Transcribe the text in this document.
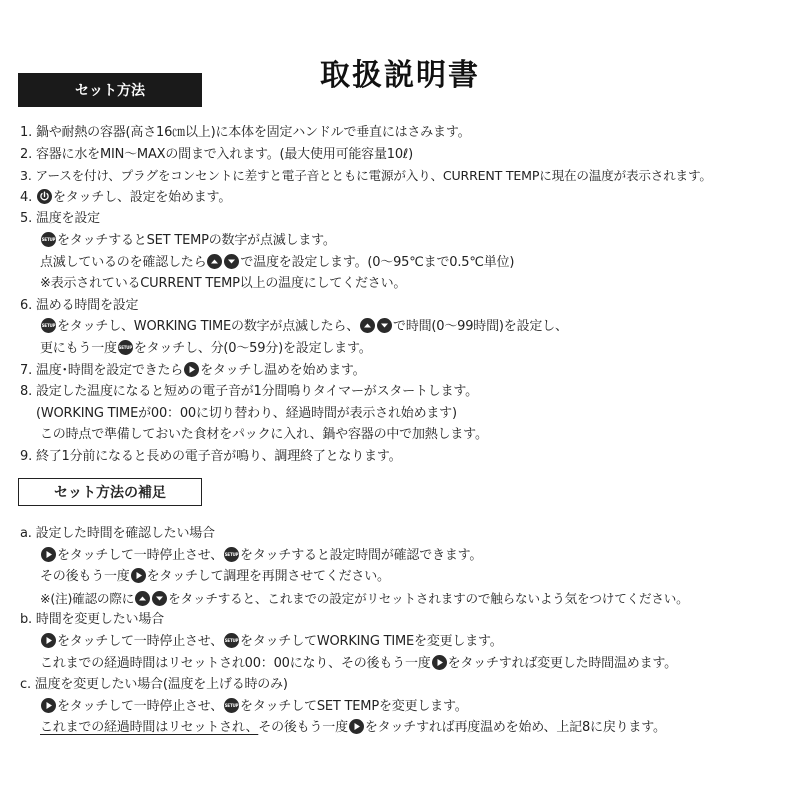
取扱説明書
セット方法
1. 鍋や耐熱の容器(高さ16㎝以上)に本体を固定ハンドルで垂直にはさみます。
2. 容器に水をMIN～MAXの間まで入れます。(最大使用可能容量10ℓ)
3. アースを付け、プラグをコンセントに差すと電子音とともに電源が入り、CURRENT TEMPに現在の温度が表示されます。
4. をタッチし、設定を始めます。
5. 温度を設定
SETUP をタッチするとSET TEMPの数字が点滅します。
点滅しているのを確認したら	で温度を設定します。(0～95℃まで0.5℃単位)
※表示されているCURRENT TEMP以上の温度にしてください。
6. 温める時間を設定
SETUP をタッチし、WORKING TIMEの数字が点滅したら、	で時間(0～99時間)を設定し、
更にもう一度 SETUP をタッチし、分(0～59分)を設定します。
7. 温度･時間を設定できたら をタッチし温めを始めます。
8. 設定した温度になると短めの電子音が1分間鳴りタイマーがスタートします。
(WORKING TIMEが00：00に切り替わり、経過時間が表示され始めます)
この時点で準備しておいた食材をパックに入れ、鍋や容器の中で加熱します。
9. 終了1分前になると長めの電子音が鳴り、調理終了となります。
セット方法の補足
a. 設定した時間を確認したい場合
をタッチして一時停止させ、 SETUP をタッチすると設定時間が確認できます。
その後もう一度 をタッチして調理を再開させてください。
※(注)確認の際に	をタッチすると、これまでの設定がリセットされますので触らないよう気をつけてください。
b. 時間を変更したい場合
をタッチして一時停止させ、 SETUP をタッチしてWORKING TIMEを変更します。
これまでの経過時間はリセットされ00：00になり、その後もう一度 をタッチすれば変更した時間温めます。
c. 温度を変更したい場合(温度を上げる時のみ)
をタッチして一時停止させ、 SETUP をタッチしてSET TEMPを変更します。
これまでの経過時間はリセットされ、その後もう一度 をタッチすれば再度温めを始め、上記8に戻ります。
